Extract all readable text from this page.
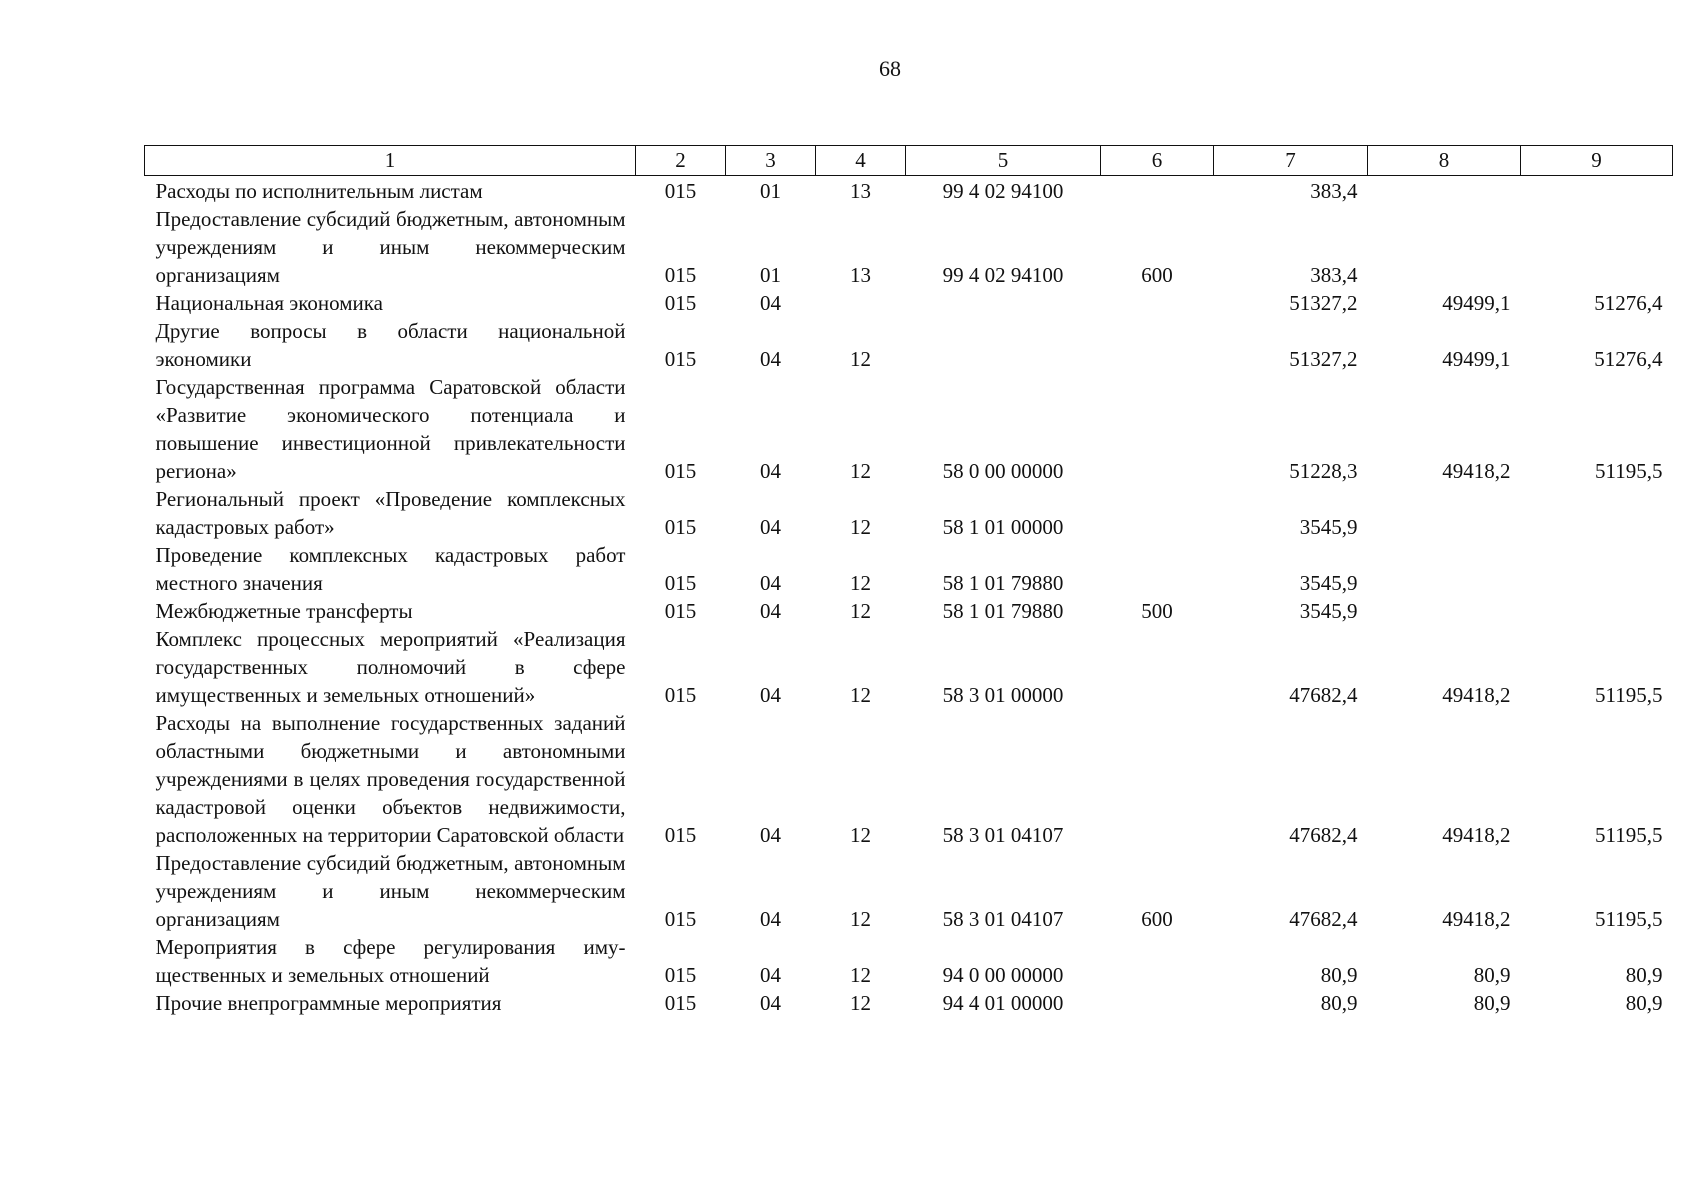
68
1	2	3	4	5	6	7	8	9
Расходы по исполнительным листам	015	01	13	99 4 02 94100		383,4		
Предоставление субсидий бюджетным, автономным учреждениям и иным некоммерческим организациям	015	01	13	99 4 02 94100	600	383,4		
Национальная экономика	015	04				51327,2	49499,1	51276,4
Другие вопросы в области национальной экономики	015	04	12			51327,2	49499,1	51276,4
Государственная программа Саратовской области «Развитие экономического потенциала и повышение инвестиционной привлекательности региона»	015	04	12	58 0 00 00000		51228,3	49418,2	51195,5
Региональный проект «Проведение комплексных кадастровых работ»	015	04	12	58 1 01 00000		3545,9		
Проведение комплексных кадастровых работ местного значения	015	04	12	58 1 01 79880		3545,9		
Межбюджетные трансферты	015	04	12	58 1 01 79880	500	3545,9		
Комплекс процессных мероприятий «Реализация государственных полномочий в сфере имущественных и земельных отношений»	015	04	12	58 3 01 00000		47682,4	49418,2	51195,5
Расходы на выполнение государственных заданий областными бюджетными и автономными учреждениями в целях проведения государственной кадастровой оценки объектов недвижимости, расположенных на территории Саратовской области	015	04	12	58 3 01 04107		47682,4	49418,2	51195,5
Предоставление субсидий бюджетным, автономным учреждениям и иным некоммерческим организациям	015	04	12	58 3 01 04107	600	47682,4	49418,2	51195,5
Мероприятия в сфере регулирования имущественных и земельных отношений	015	04	12	94 0 00 00000		80,9	80,9	80,9
Прочие внепрограммные мероприятия	015	04	12	94 4 01 00000		80,9	80,9	80,9
